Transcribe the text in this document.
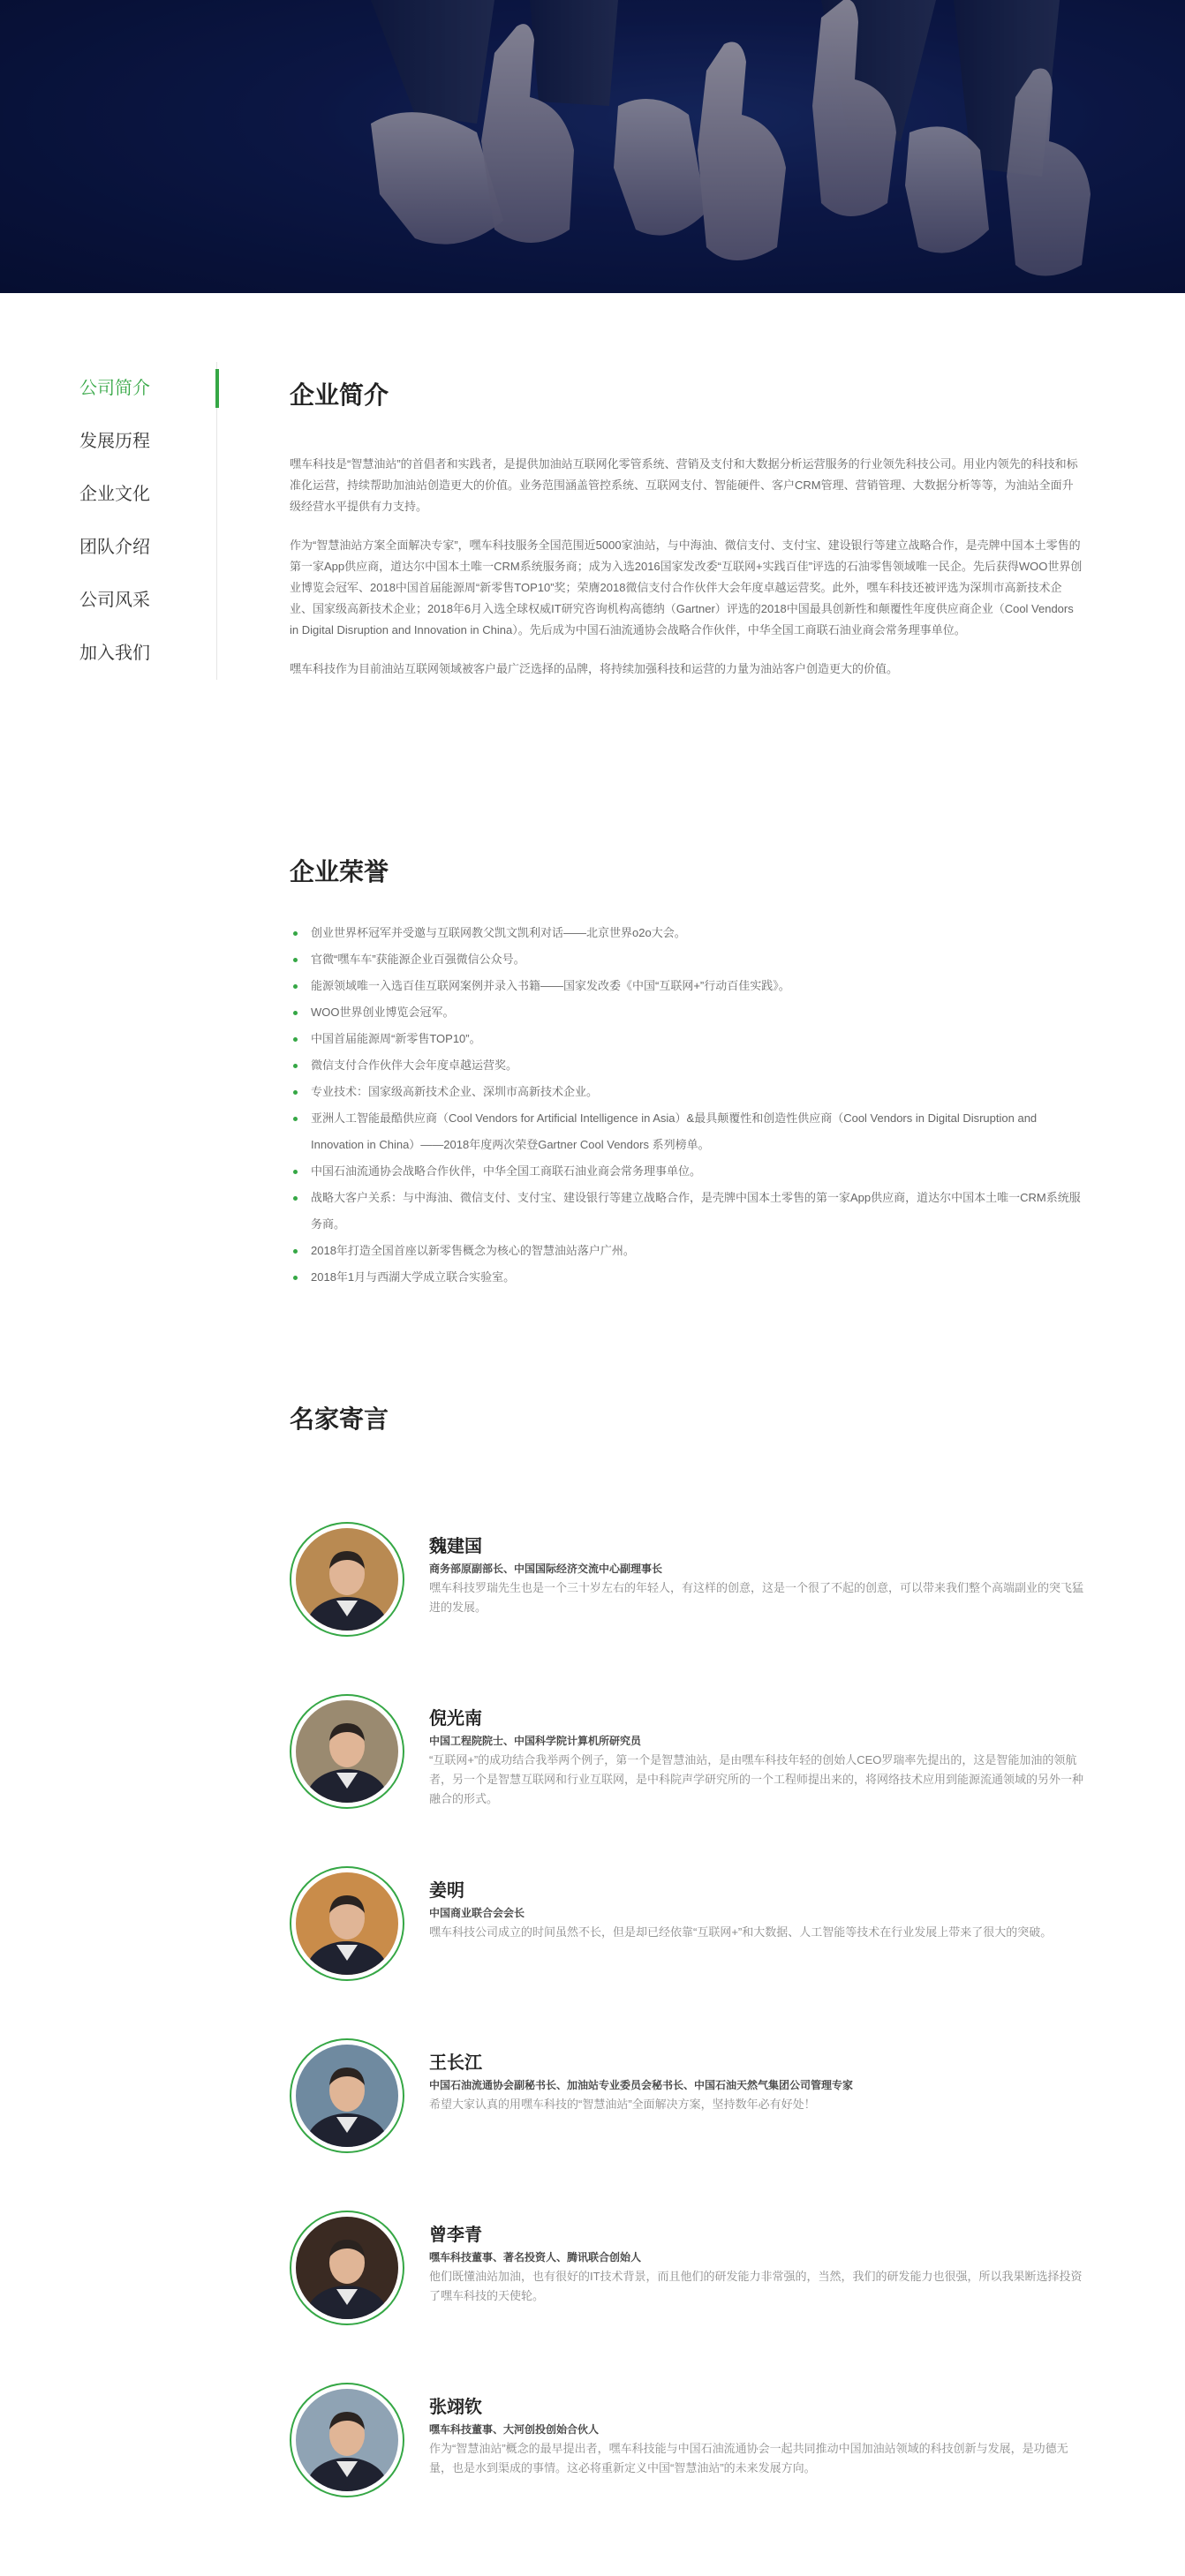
公司简介
发展历程
企业文化
团队介绍
公司风采
加入我们
企业简介

嘿车科技是“智慧油站”的首倡者和实践者，是提供加油站互联网化零管系统、营销及支付和大数据分析运营服务的行业领先科技公司。用业内领先的科技和标准化运营，持续帮助加油站创造更大的价值。业务范围涵盖管控系统、互联网支付、智能硬件、客户CRM管理、营销管理、大数据分析等等，为油站全面升级经营水平提供有力支持。

作为“智慧油站方案全面解决专家”，嘿车科技服务全国范围近5000家油站，与中海油、微信支付、支付宝、建设银行等建立战略合作，是壳牌中国本土零售的第一家App供应商，道达尔中国本土唯一CRM系统服务商；成为入选2016国家发改委“互联网+实践百佳”评选的石油零售领域唯一民企。先后获得WOO世界创业博览会冠军、2018中国首届能源周“新零售TOP10”奖；荣膺2018微信支付合作伙伴大会年度卓越运营奖。此外，嘿车科技还被评选为深圳市高新技术企业、国家级高新技术企业；2018年6月入选全球权威IT研究咨询机构高德纳（Gartner）评选的2018中国最具创新性和颠覆性年度供应商企业（Cool Vendors in Digital Disruption and Innovation in China）。先后成为中国石油流通协会战略合作伙伴，中华全国工商联石油业商会常务理事单位。

嘿车科技作为目前油站互联网领域被客户最广泛选择的品牌，将持续加强科技和运营的力量为油站客户创造更大的价值。

企业荣誉
创业世界杯冠军并受邀与互联网教父凯文凯利对话——北京世界o2o大会。
官微“嘿车车”获能源企业百强微信公众号。
能源领域唯一入选百佳互联网案例并录入书籍——国家发改委《中国“互联网+”行动百佳实践》。
WOO世界创业博览会冠军。
中国首届能源周“新零售TOP10”。
微信支付合作伙伴大会年度卓越运营奖。
专业技术：国家级高新技术企业、深圳市高新技术企业。
亚洲人工智能最酷供应商（Cool Vendors for Artificial Intelligence in Asia）&最具颠覆性和创造性供应商（Cool Vendors in Digital Disruption and Innovation in China）——2018年度两次荣登Gartner Cool Vendors 系列榜单。
中国石油流通协会战略合作伙伴，中华全国工商联石油业商会常务理事单位。
战略大客户关系：与中海油、微信支付、支付宝、建设银行等建立战略合作，是壳牌中国本土零售的第一家App供应商，道达尔中国本土唯一CRM系统服务商。
2018年打造全国首座以新零售概念为核心的智慧油站落户广州。
2018年1月与西湖大学成立联合实验室。
名家寄言
魏建国
商务部原副部长、中国国际经济交流中心副理事长
嘿车科技罗瑞先生也是一个三十岁左右的年轻人，有这样的创意，这是一个很了不起的创意，可以带来我们整个高端副业的突飞猛进的发展。
倪光南
中国工程院院士、中国科学院计算机所研究员
“互联网+”的成功结合我举两个例子，第一个是智慧油站，是由嘿车科技年轻的创始人CEO罗瑞率先提出的，这是智能加油的领航者，另一个是智慧互联网和行业互联网，是中科院声学研究所的一个工程师提出来的，将网络技术应用到能源流通领域的另外一种融合的形式。
姜明
中国商业联合会会长
嘿车科技公司成立的时间虽然不长，但是却已经依靠“互联网+”和大数据、人工智能等技术在行业发展上带来了很大的突破。
王长江
中国石油流通协会副秘书长、加油站专业委员会秘书长、中国石油天然气集团公司管理专家
希望大家认真的用嘿车科技的“智慧油站”全面解决方案，坚持数年必有好处！
曾李青
嘿车科技董事、著名投资人、腾讯联合创始人
他们既懂油站加油，也有很好的IT技术背景，而且他们的研发能力非常强的，当然，我们的研发能力也很强，所以我果断选择投资了嘿车科技的天使轮。
张翊钦
嘿车科技董事、大河创投创始合伙人
作为“智慧油站”概念的最早提出者，嘿车科技能与中国石油流通协会一起共同推动中国加油站领域的科技创新与发展，是功德无量，也是水到渠成的事情。这必将重新定义中国“智慧油站”的未来发展方向。
